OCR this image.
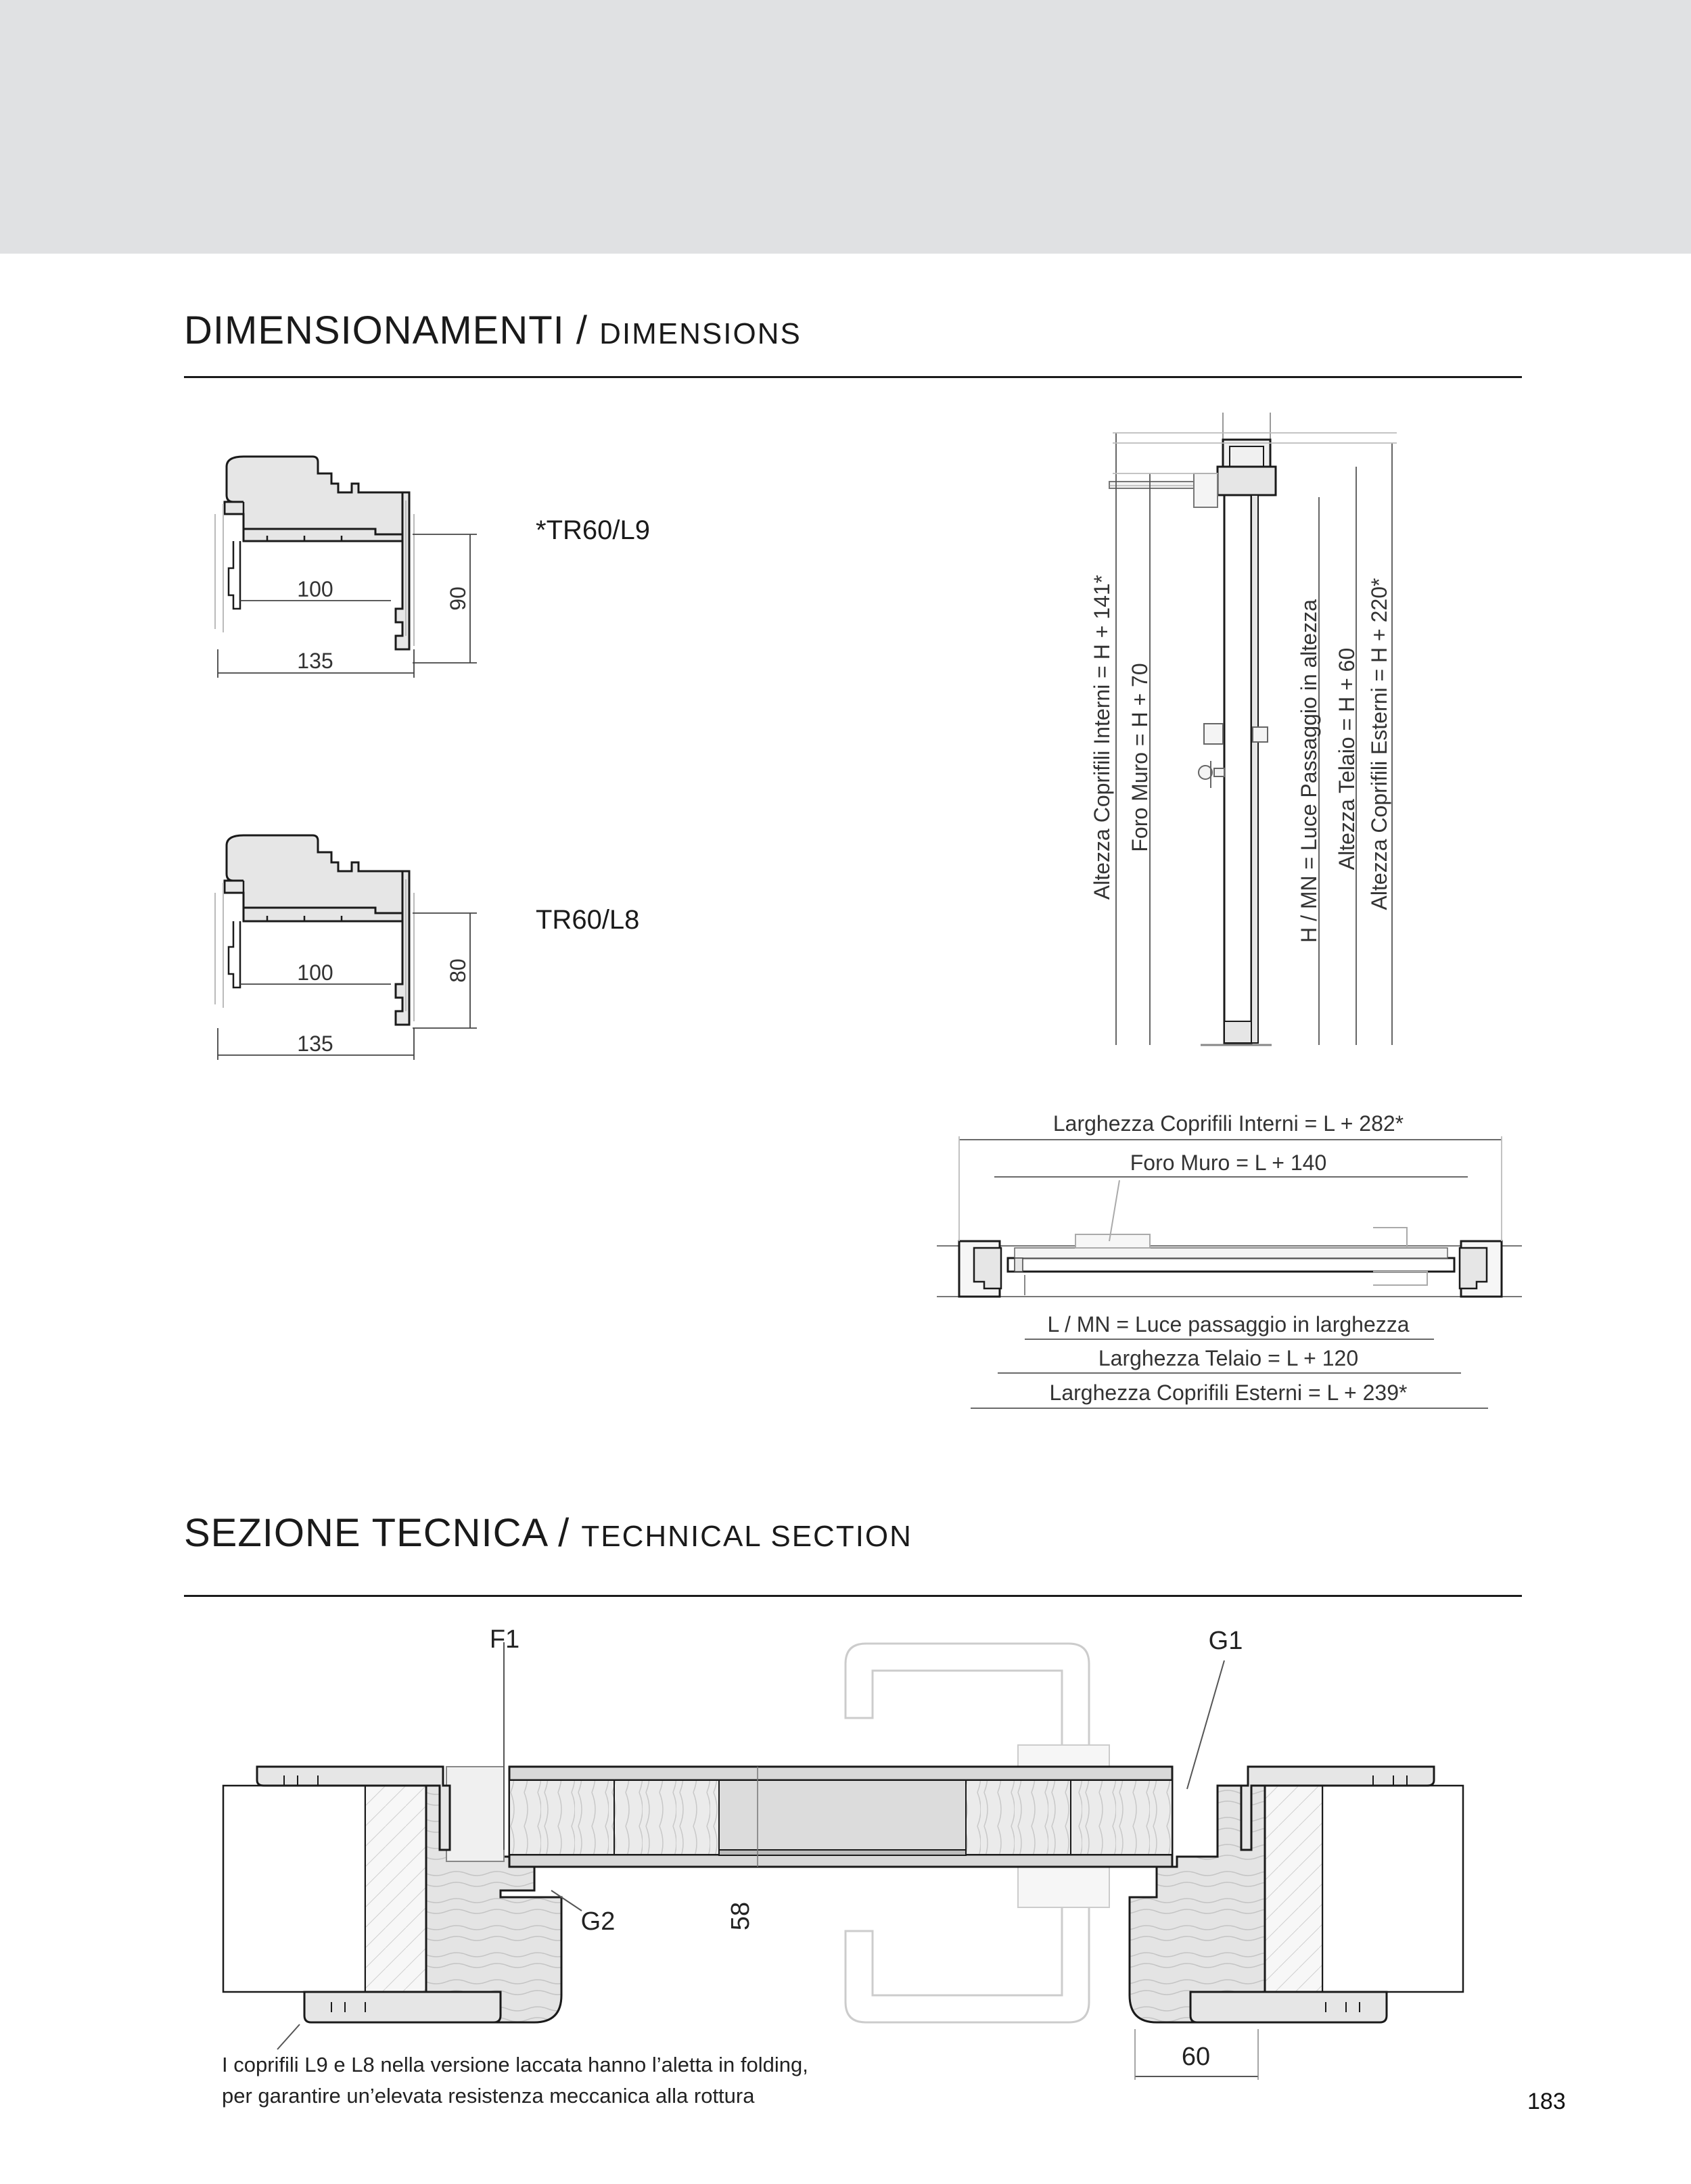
DIMENSIONAMENTI / DIMENSIONS
SEZIONE TECNICA / TECHNICAL SECTION
100
135
90
*TR60/L9
100
135
80
TR60/L8
Altezza Coprifili Interni = H + 141* Foro Muro = H + 70	H / MN = Luce Passaggio in altezza Altezza Telaio = H + 60 Altezza Coprifili Esterni = H + 220*
Larghezza Coprifili Interni = L + 282*
Foro Muro = L + 140
L / MN = Luce passaggio in larghezza
Larghezza Telaio = L + 120
Larghezza Coprifili Esterni = L + 239*
F1	G1
G2	58
60
I coprifili L9 e L8 nella versione laccata hanno l’aletta in folding,
per garantire un’elevata resistenza meccanica alla rottura	183
